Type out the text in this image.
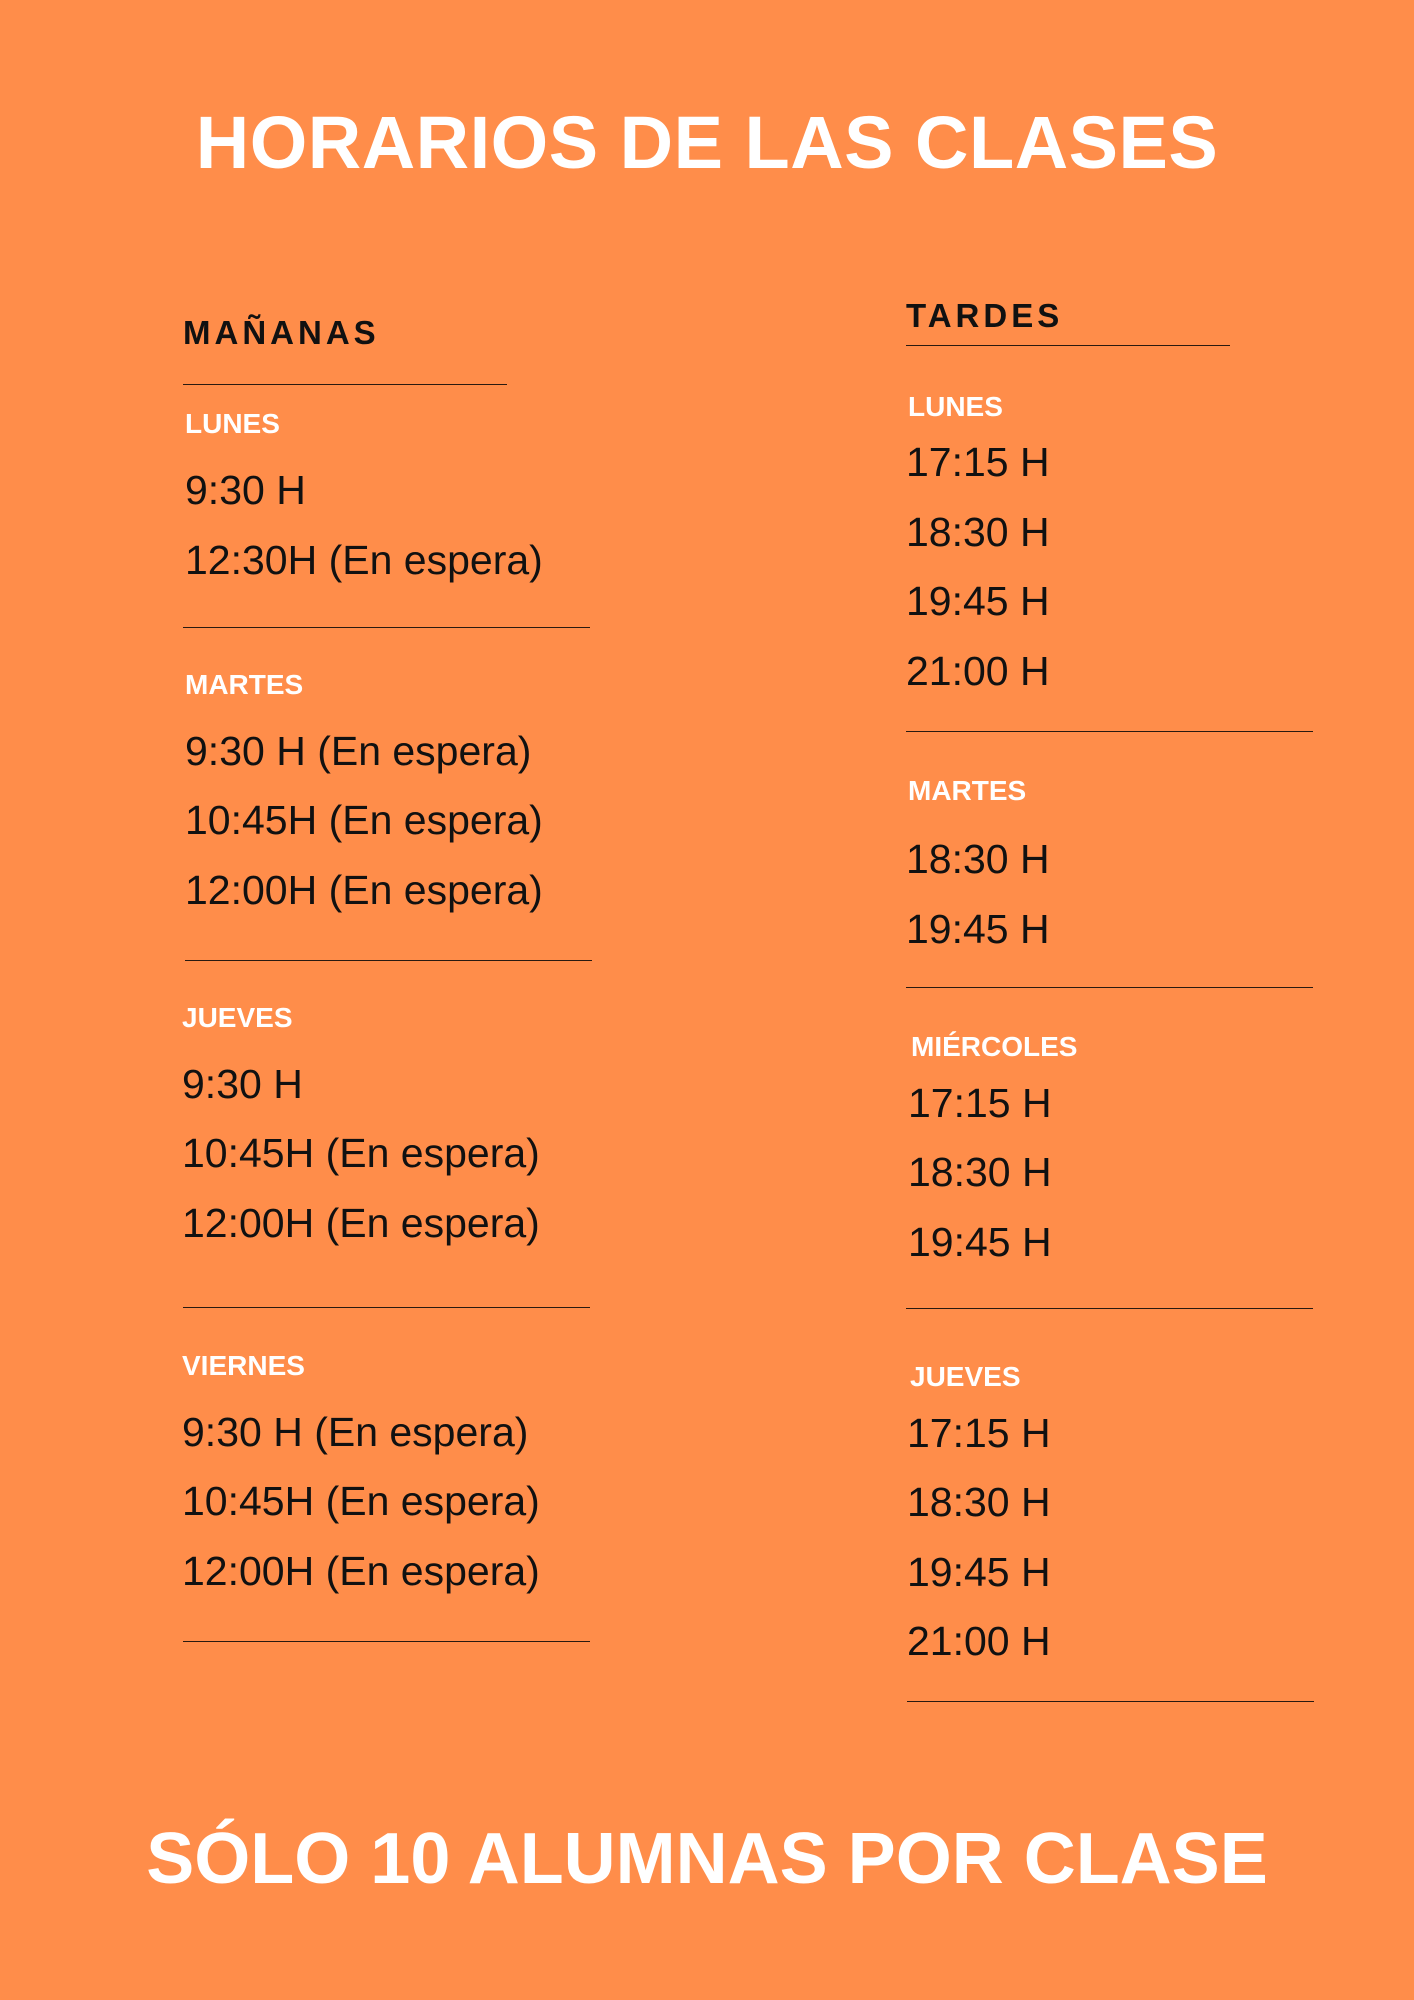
HORARIOS DE LAS CLASES
MAÑANAS
LUNES
9:30 H
12:30H (En espera)
MARTES
9:30 H (En espera)
10:45H (En espera)
12:00H (En espera)
JUEVES
9:30 H
10:45H (En espera)
12:00H (En espera)
VIERNES
9:30 H (En espera)
10:45H (En espera)
12:00H (En espera)
TARDES
LUNES
17:15 H
18:30 H
19:45 H
21:00 H
MARTES
18:30 H
19:45 H
MIÉRCOLES
17:15 H
18:30 H
19:45 H
JUEVES
17:15 H
18:30 H
19:45 H
21:00 H
SÓLO 10 ALUMNAS POR CLASE
